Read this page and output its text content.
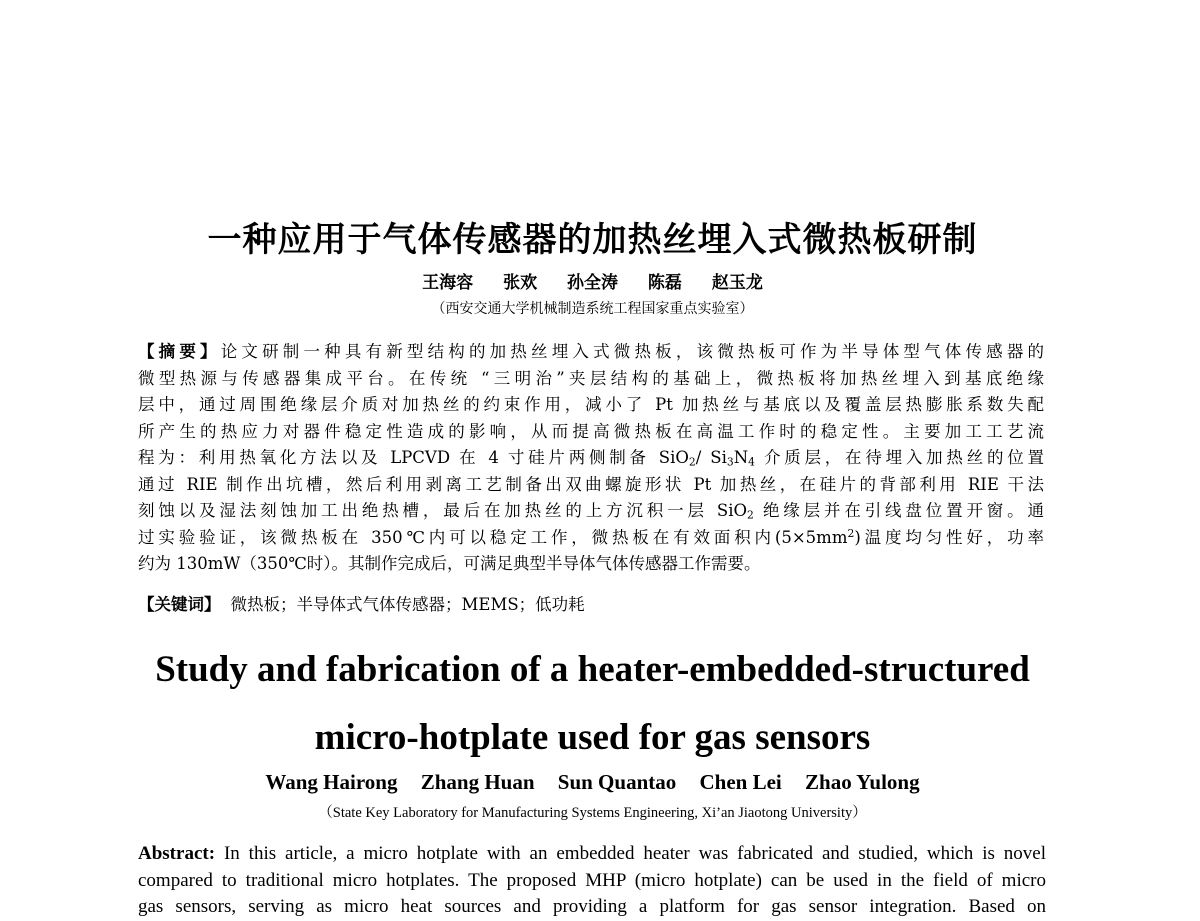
一种应用于气体传感器的加热丝埋入式微热板研制
王海容 张欢 孙全涛 陈磊 赵玉龙
（西安交通大学机械制造系统工程国家重点实验室）
【摘要】论文研制一种具有新型结构的加热丝埋入式微热板，该微热板可作为半导体型气体传感器的
微型热源与传感器集成平台。在传统 “三明治”夹层结构的基础上，微热板将加热丝埋入到基底绝缘
层中，通过周围绝缘层介质对加热丝的约束作用，减小了 Pt 加热丝与基底以及覆盖层热膨胀系数失配
所产生的热应力对器件稳定性造成的影响，从而提高微热板在高温工作时的稳定性。主要加工工艺流
程为：利用热氧化方法以及 LPCVD 在 4 寸硅片两侧制备 SiO$_2$/ $Si_3N_4$ 介质层，在待埋入加热丝的位置
通过 RIE 制作出坑槽，然后利用剥离工艺制备出双曲螺旋形状 Pt 加热丝，在硅片的背部利用 RIE 干法
刻蚀以及湿法刻蚀加工出绝热槽，最后在加热丝的上方沉积一层 SiO$_2$ 绝缘层并在引线盘位置开窗。通
过实验验证，该微热板在 350℃内可以稳定工作，微热板在有效面积内$(5\times 5mm^2)$温度均匀性好，功率
约为 130mW（350℃时）。其制作完成后，可满足典型半导体气体传感器工作需要。
【关键词】 微热板；半导体式气体传感器；MEMS；低功耗
Study and fabrication of a heater-embedded-structured
micro-hotplate used for gas sensors
Wang Hairong Zhang Huan Sun Quantao Chen Lei Zhao Yulong
（State Key Laboratory for Manufacturing Systems Engineering, Xi’an Jiaotong University）
Abstract: In this article, a micro hotplate with an embedded heater was fabricated and studied, which is novel
compared to traditional micro hotplates. The proposed MHP (micro hotplate) can be used in the field of micro
gas sensors, serving as micro heat sources and providing a platform for gas sensor integration. Based on
